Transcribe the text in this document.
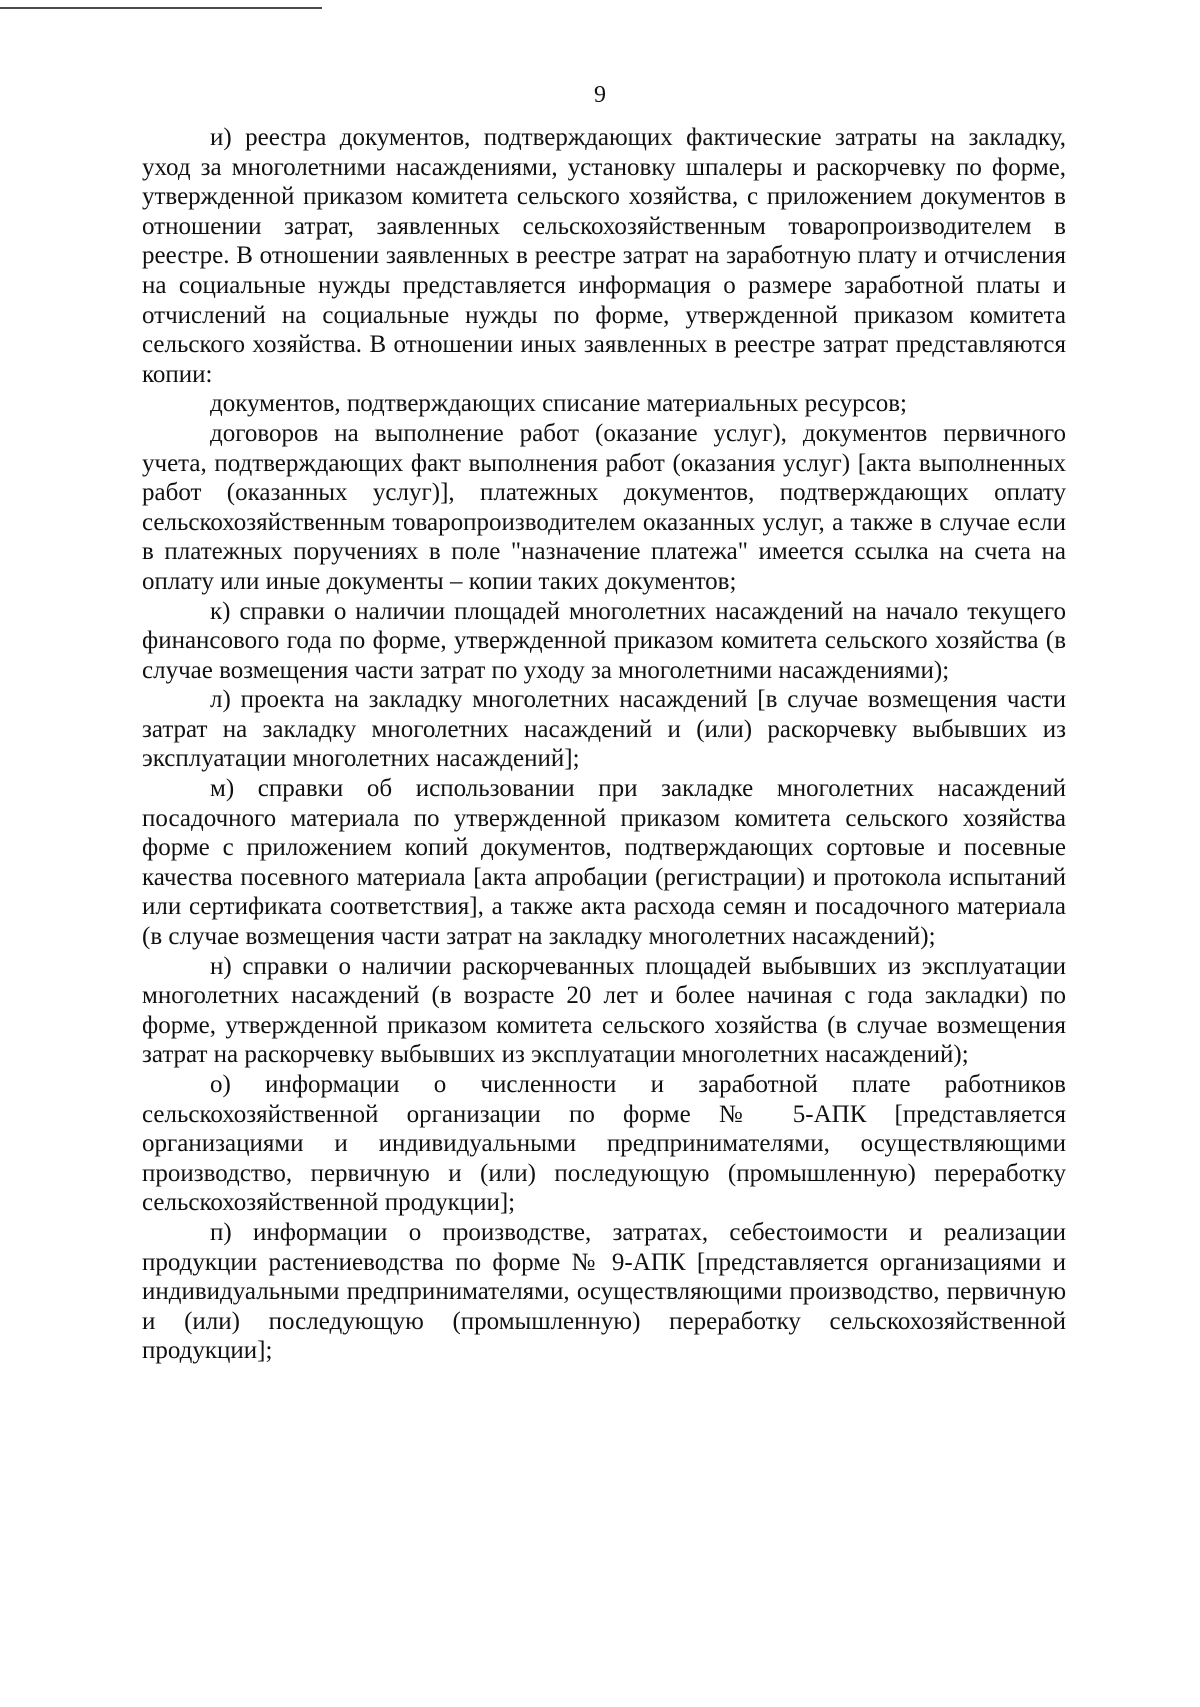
9

и) реестра документов, подтверждающих фактические затраты на закладку, уход за многолетними насаждениями, установку шпалеры и раскорчевку по форме, утвержденной приказом комитета сельского хозяйства, с приложением документов в отношении затрат, заявленных сельскохозяйственным товаропроизводителем в реестре. В отношении заявленных в реестре затрат на заработную плату и отчисления на социальные нужды представляется информация о размере заработной платы и отчислений на социальные нужды по форме, утвержденной приказом комитета сельского хозяйства. В отношении иных заявленных в реестре затрат представляются копии:

документов, подтверждающих списание материальных ресурсов;

договоров на выполнение работ (оказание услуг), документов первичного учета, подтверждающих факт выполнения работ (оказания услуг) [акта выполненных работ (оказанных услуг)], платежных документов, подтверждающих оплату сельскохозяйственным товаропроизводителем оказанных услуг, а также в случае если в платежных поручениях в поле "назначение платежа" имеется ссылка на счета на оплату или иные документы – копии таких документов;

к) справки о наличии площадей многолетних насаждений на начало текущего финансового года по форме, утвержденной приказом комитета сельского хозяйства (в случае возмещения части затрат по уходу за многолетними насаждениями);

л) проекта на закладку многолетних насаждений [в случае возмещения части затрат на закладку многолетних насаждений и (или) раскорчевку выбывших из эксплуатации многолетних насаждений];

м) справки об использовании при закладке многолетних насаждений посадочного материала по утвержденной приказом комитета сельского хозяйства форме с приложением копий документов, подтверждающих сортовые и посевные качества посевного материала [акта апробации (регистрации) и протокола испытаний или сертификата соответствия], а также акта расхода семян и посадочного материала (в случае возмещения части затрат на закладку многолетних насаждений);

н) справки о наличии раскорчеванных площадей выбывших из эксплуатации многолетних насаждений (в возрасте 20 лет и более начиная с года закладки) по форме, утвержденной приказом комитета сельского хозяйства (в случае возмещения затрат на раскорчевку выбывших из эксплуатации многолетних насаждений);

о) информации о численности и заработной плате работников сельскохозяйственной организации по форме № 5-АПК [представляется организациями и индивидуальными предпринимателями, осуществляющими производство, первичную и (или) последующую (промышленную) переработку сельскохозяйственной продукции];

п) информации о производстве, затратах, себестоимости и реализации продукции растениеводства по форме № 9-АПК [представляется организациями и индивидуальными предпринимателями, осуществляющими производство, первичную и (или) последующую (промышленную) переработку сельскохозяйственной продукции];
